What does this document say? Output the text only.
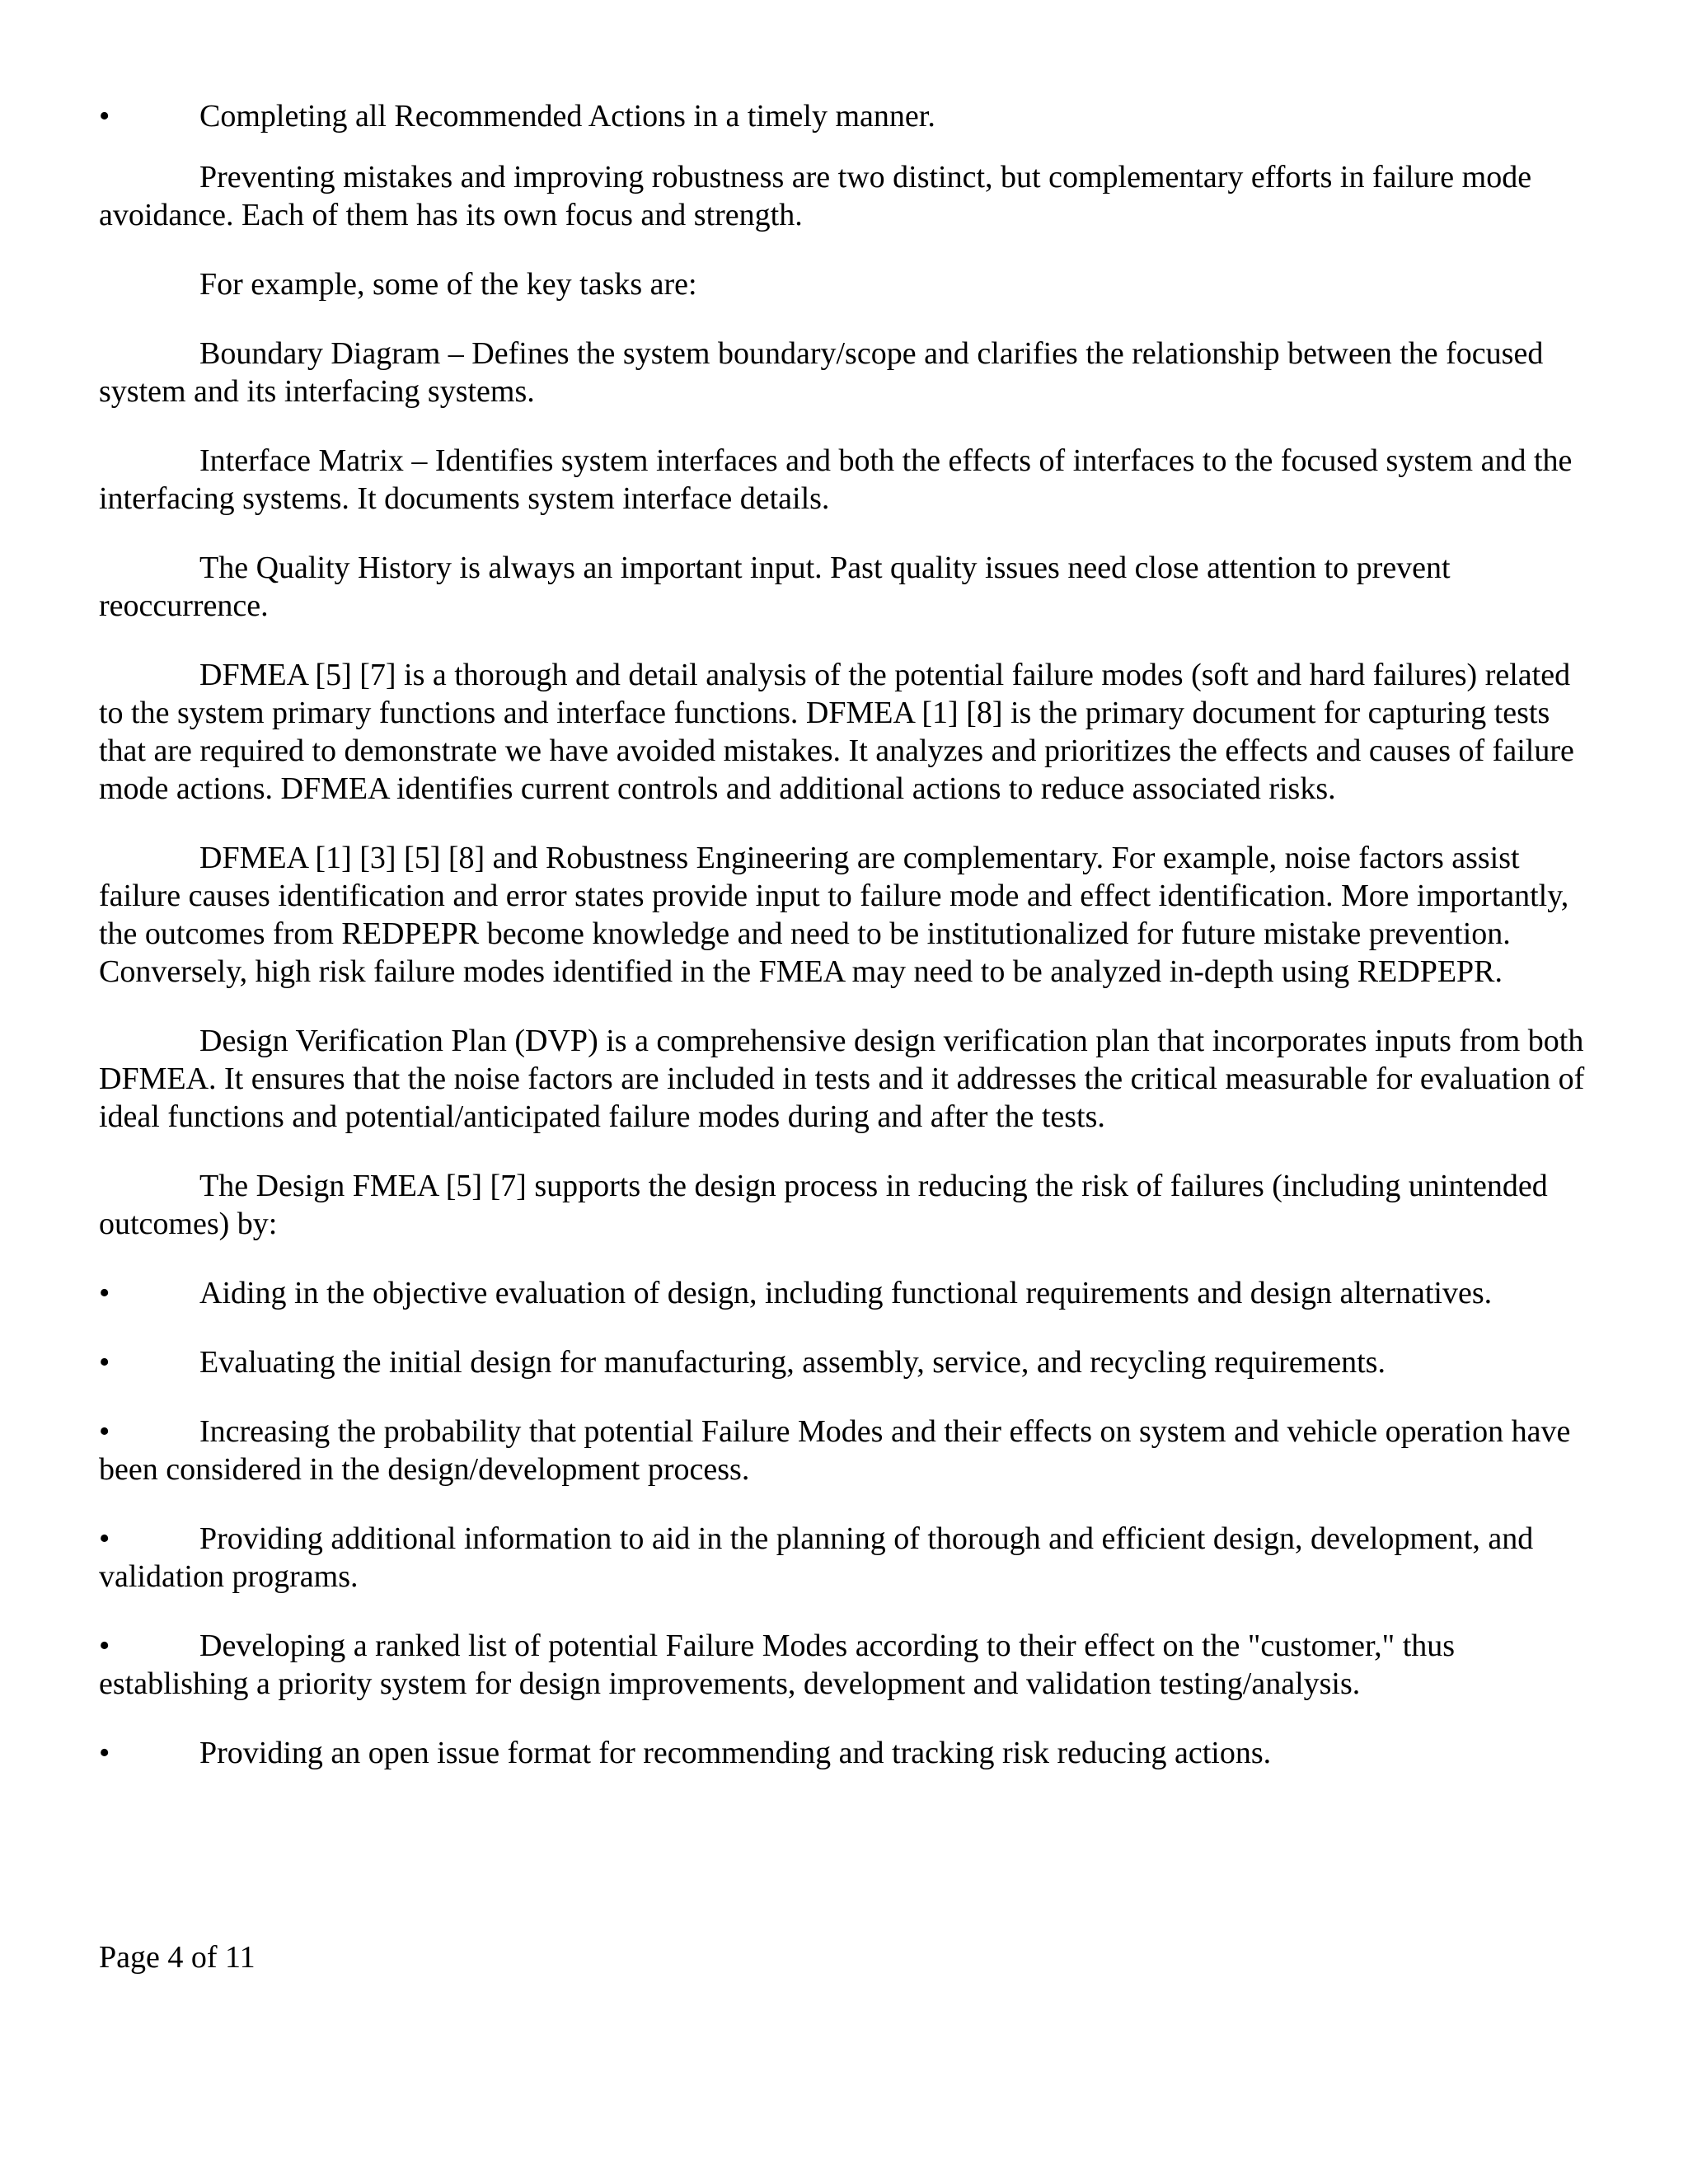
•	Completing all Recommended Actions in a timely manner.

Preventing mistakes and improving robustness are two distinct, but complementary efforts in failure mode avoidance. Each of them has its own focus and strength.

For example, some of the key tasks are:

Boundary Diagram – Defines the system boundary/scope and clarifies the relationship between the focused system and its interfacing systems.

Interface Matrix – Identifies system interfaces and both the effects of interfaces to the focused system and the interfacing systems. It documents system interface details.

The Quality History is always an important input. Past quality issues need close attention to prevent reoccurrence.

DFMEA [5] [7] is a thorough and detail analysis of the potential failure modes (soft and hard failures) related to the system primary functions and interface functions. DFMEA [1] [8] is the primary document for capturing tests that are required to demonstrate we have avoided mistakes. It analyzes and prioritizes the effects and causes of failure mode actions. DFMEA identifies current controls and additional actions to reduce associated risks.

DFMEA [1] [3] [5] [8] and Robustness Engineering are complementary. For example, noise factors assist failure causes identification and error states provide input to failure mode and effect identification. More importantly, the outcomes from REDPEPR become knowledge and need to be institutionalized for future mistake prevention. Conversely, high risk failure modes identified in the FMEA may need to be analyzed in-depth using REDPEPR.

Design Verification Plan (DVP) is a comprehensive design verification plan that incorporates inputs from both DFMEA. It ensures that the noise factors are included in tests and it addresses the critical measurable for evaluation of ideal functions and potential/anticipated failure modes during and after the tests.

The Design FMEA [5] [7] supports the design process in reducing the risk of failures (including unintended outcomes) by:

•	Aiding in the objective evaluation of design, including functional requirements and design alternatives.
•	Evaluating the initial design for manufacturing, assembly, service, and recycling requirements.
•	Increasing the probability that potential Failure Modes and their effects on system and vehicle operation have been considered in the design/development process.
•	Providing additional information to aid in the planning of thorough and efficient design, development, and validation programs.
•	Developing a ranked list of potential Failure Modes according to their effect on the "customer," thus establishing a priority system for design improvements, development and validation testing/analysis.
•	Providing an open issue format for recommending and tracking risk reducing actions.
Page 4 of 11
